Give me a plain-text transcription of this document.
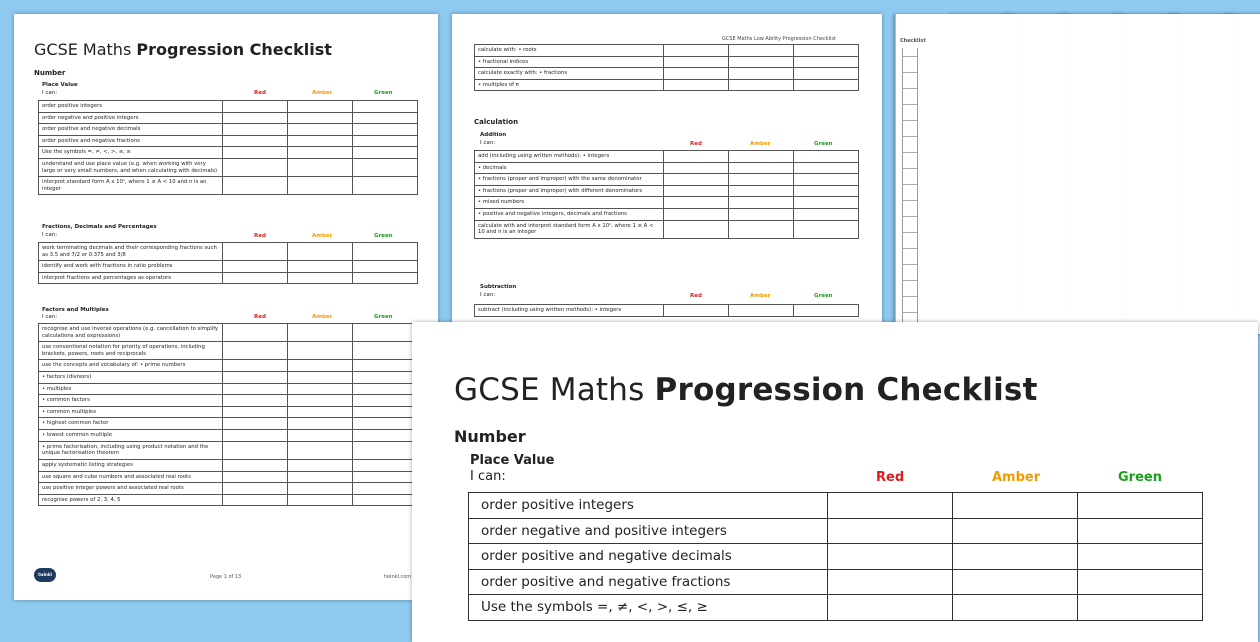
Checklist
GCSE Maths Low Ability Progression Checklist
calculate with: • roots			
• fractional indices			
calculate exactly with: • fractions			
• multiples of π			
Calculation
Addition
I can:	Red	Amber	Green
add (including using written methods): • integers			
• decimals			
• fractions (proper and improper) with the same denominator			
• fractions (proper and improper) with different denominators			
• mixed numbers			
• positive and negative integers, decimals and fractions			
calculate with and interpret standard form A x 10ⁿ, where 1 ≤ A < 10 and n is an integer			
Subtraction
I can:	Red	Amber	Green
subtract (including using written methods): • integers			
GCSE Maths Progression Checklist
Number
Place Value
I can:	Red	Amber	Green
order positive integers			
order negative and positive integers			
order positive and negative decimals			
order positive and negative fractions			
Use the symbols =, ≠, <, >, ≤, ≥			
understand and use place value (e.g. when working with very large or very small numbers, and when calculating with decimals)			
interpret standard form A x 10ⁿ, where 1 ≤ A < 10 and n is an integer			
Fractions, Decimals and Percentages
I can:	Red	Amber	Green
work terminating decimals and their corresponding fractions such as 3.5 and 7/2 or 0.375 and 3/8			
identify and work with fractions in ratio problems			
interpret fractions and percentages as operators			
Factors and Multiples
I can:	Red	Amber	Green
recognise and use inverse operations (e.g. cancellation to simplify calculations and expressions)			
use conventional notation for priority of operations, including brackets, powers, roots and reciprocals			
use the concepts and vocabulary of: • prime numbers			
• factors (divisors)			
• multiples			
• common factors			
• common multiples			
• highest common factor			
• lowest common multiple			
• prime factorisation, including using product notation and the unique factorisation theorem			
apply systematic listing strategies			
use square and cube numbers and associated real roots			
use positive integer powers and associated real roots			
recognise powers of 2, 3, 4, 5			
twinkl	Page 1 of 13	twinkl.com
GCSE Maths Progression Checklist
Number
Place Value
I can:	Red	Amber	Green
order positive integers			
order negative and positive integers			
order positive and negative decimals			
order positive and negative fractions			
Use the symbols =, ≠, <, >, ≤, ≥			
